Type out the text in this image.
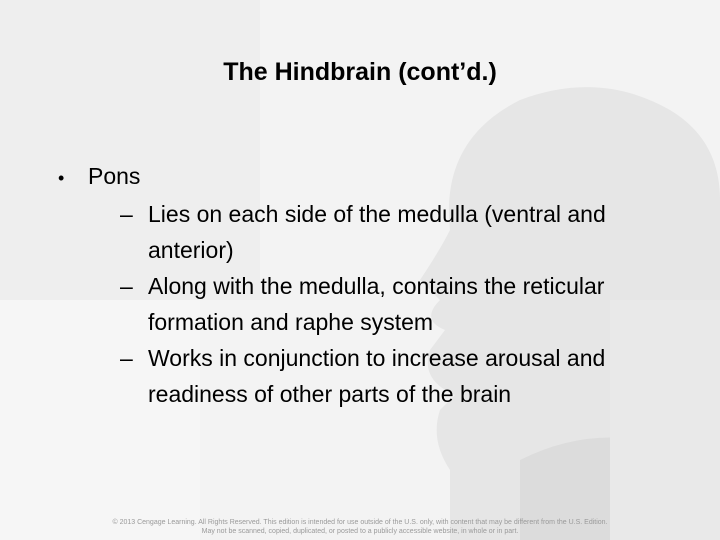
The Hindbrain (cont’d.)
•	Pons
– Lies on each side of the medulla (ventral and anterior)
– Along with the medulla, contains the reticular formation and raphe system
– Works in conjunction to increase arousal and readiness of other parts of the brain
© 2013 Cengage Learning. All Rights Reserved. This edition is intended for use outside of the U.S. only, with content that may be different from the U.S. Edition.
May not be scanned, copied, duplicated, or posted to a publicly accessible website, in whole or in part.
